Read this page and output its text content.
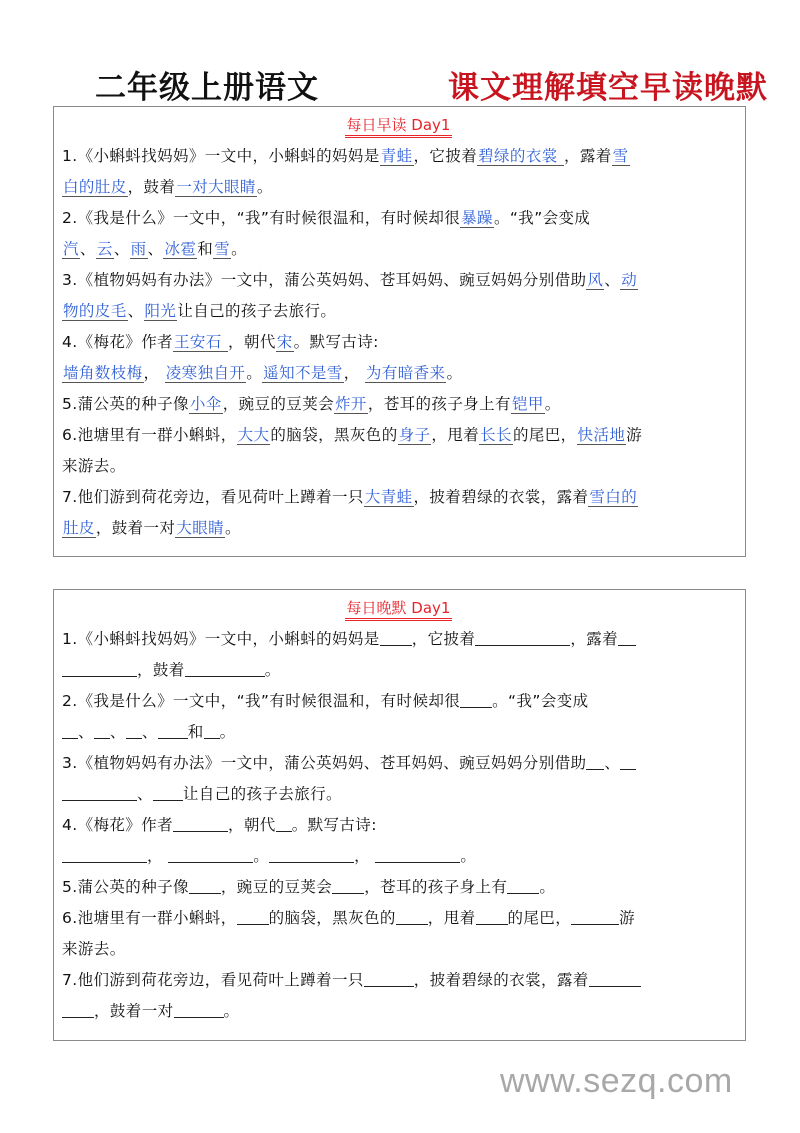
二年级上册语文	课文理解填空早读晚默
每日早读 Day1
1.《小蝌蚪找妈妈》一文中，小蝌蚪的妈妈是青蛙，它披着碧绿的衣裳 ，露着雪
白的肚皮，鼓着一对大眼睛。
2.《我是什么》一文中，“我”有时候很温和，有时候却很暴躁。“我”会变成
汽、云、雨、冰雹和雪。
3.《植物妈妈有办法》一文中，蒲公英妈妈、苍耳妈妈、豌豆妈妈分别借助风、动
物的皮毛、阳光让自己的孩子去旅行。
4.《梅花》作者王安石 ，朝代宋。默写古诗:
墙角数枝梅， 凌寒独自开。遥知不是雪， 为有暗香来。
5.蒲公英的种子像小伞，豌豆的豆荚会炸开，苍耳的孩子身上有铠甲。
6.池塘里有一群小蝌蚪，大大的脑袋，黑灰色的身子，甩着长长的尾巴，快活地游
来游去。
7.他们游到荷花旁边，看见荷叶上蹲着一只大青蛙，披着碧绿的衣裳，露着雪白的
肚皮，鼓着一对大眼睛。
每日晚默 Day1
1.《小蝌蚪找妈妈》一文中，小蝌蚪的妈妈是 ，它披着	，露着
，鼓着	。
2.《我是什么》一文中，“我”有时候很温和，有时候却很 。“我”会变成
、 、 、 和 。
3.《植物妈妈有办法》一文中，蒲公英妈妈、苍耳妈妈、豌豆妈妈分别借助 、
、 让自己的孩子去旅行。
4.《梅花》作者	，朝代 。默写古诗:
，	。	，	。
5.蒲公英的种子像 ，豌豆的豆荚会 ，苍耳的孩子身上有 。
6.池塘里有一群小蝌蚪， 的脑袋，黑灰色的 ，甩着 的尾巴，	游
来游去。
7.他们游到荷花旁边，看见荷叶上蹲着一只	，披着碧绿的衣裳，露着
，鼓着一对	。
www.sezq.com
